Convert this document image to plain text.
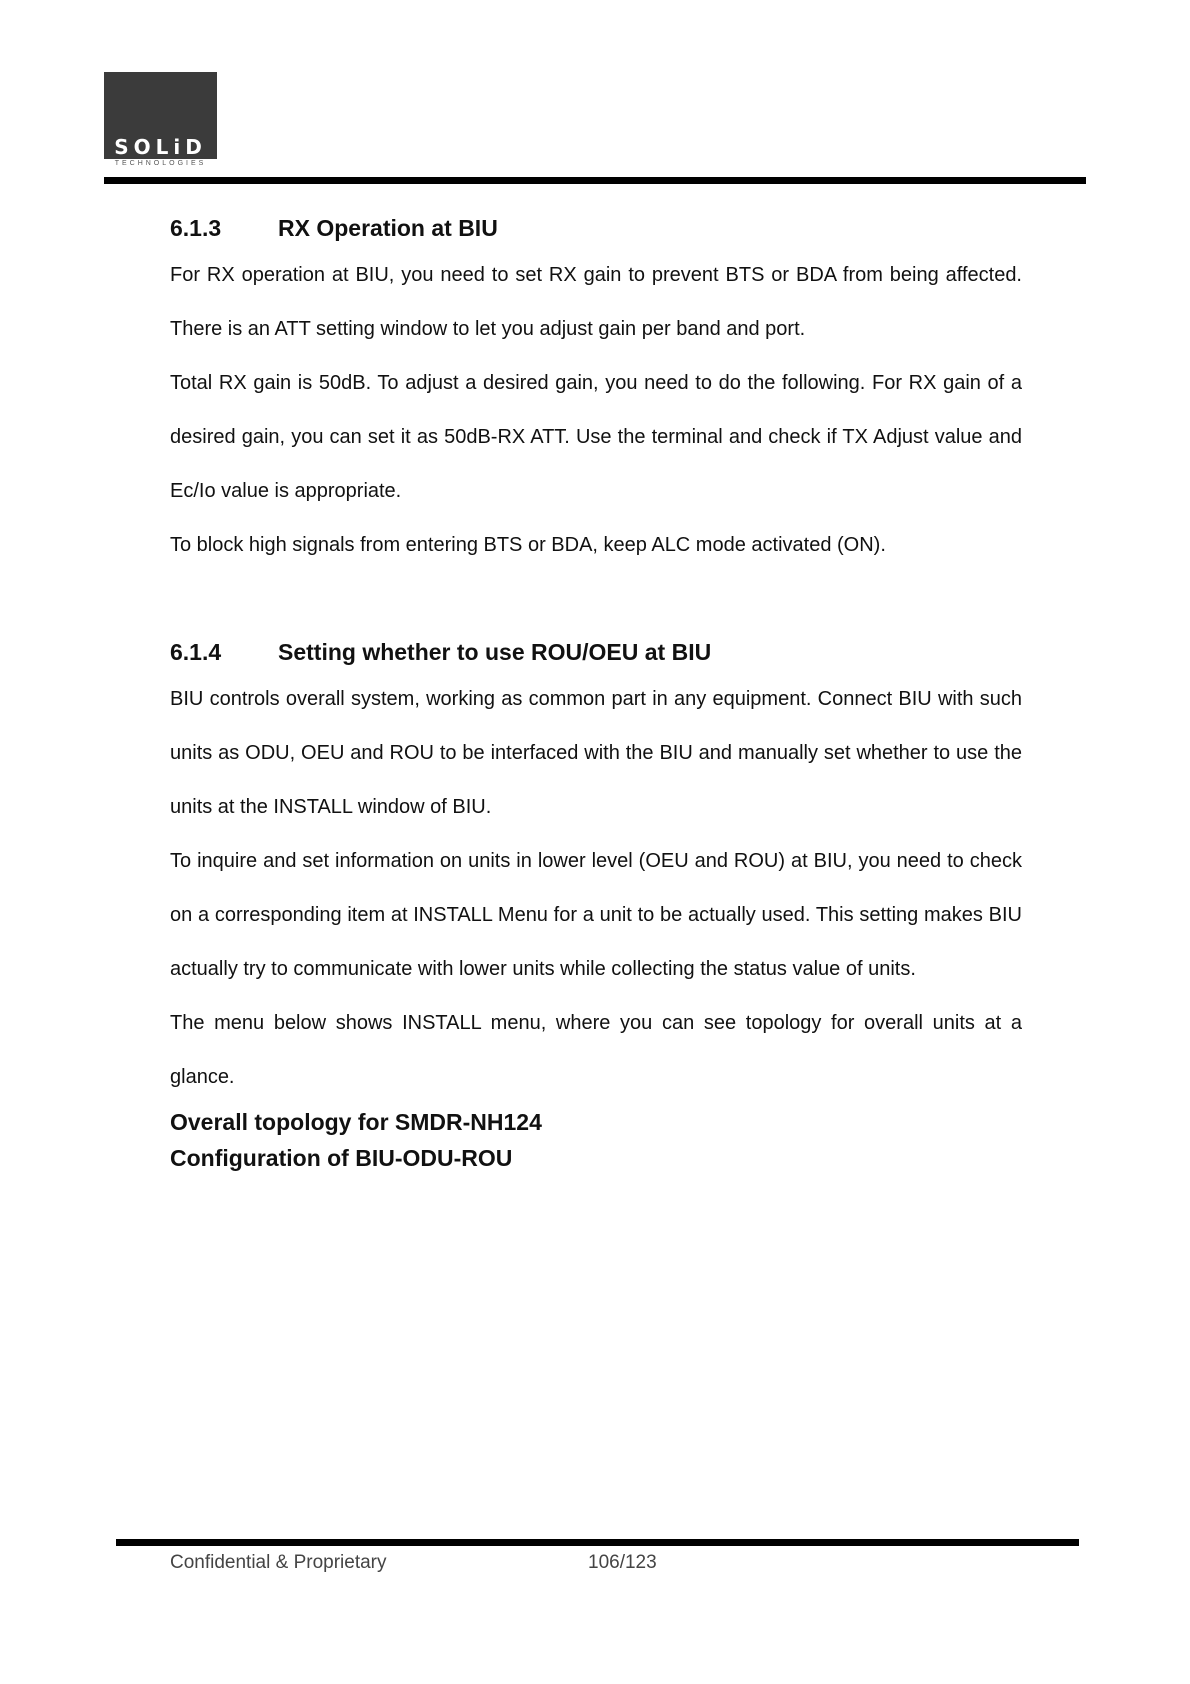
SOLiD
TECHNOLOGIES
6.1.3	RX Operation at BIU

For RX operation at BIU, you need to set RX gain to prevent BTS or BDA from being affected. There is an ATT setting window to let you adjust gain per band and port.

Total RX gain is 50dB. To adjust a desired gain, you need to do the following. For RX gain of a desired gain, you can set it as 50dB-RX ATT. Use the terminal and check if TX Adjust value and Ec/Io value is appropriate.

To block high signals from entering BTS or BDA, keep ALC mode activated (ON).

6.1.4	Setting whether to use ROU/OEU at BIU

BIU controls overall system, working as common part in any equipment. Connect BIU with such units as ODU, OEU and ROU to be interfaced with the BIU and manually set whether to use the units at the INSTALL window of BIU.

To inquire and set information on units in lower level (OEU and ROU) at BIU, you need to check on a corresponding item at INSTALL Menu for a unit to be actually used. This setting makes BIU actually try to communicate with lower units while collecting the status value of units.

The menu below shows INSTALL menu, where you can see topology for overall units at a glance.

Overall topology for SMDR-NH124
Configuration of BIU-ODU-ROU
Confidential & Proprietary	106/123
